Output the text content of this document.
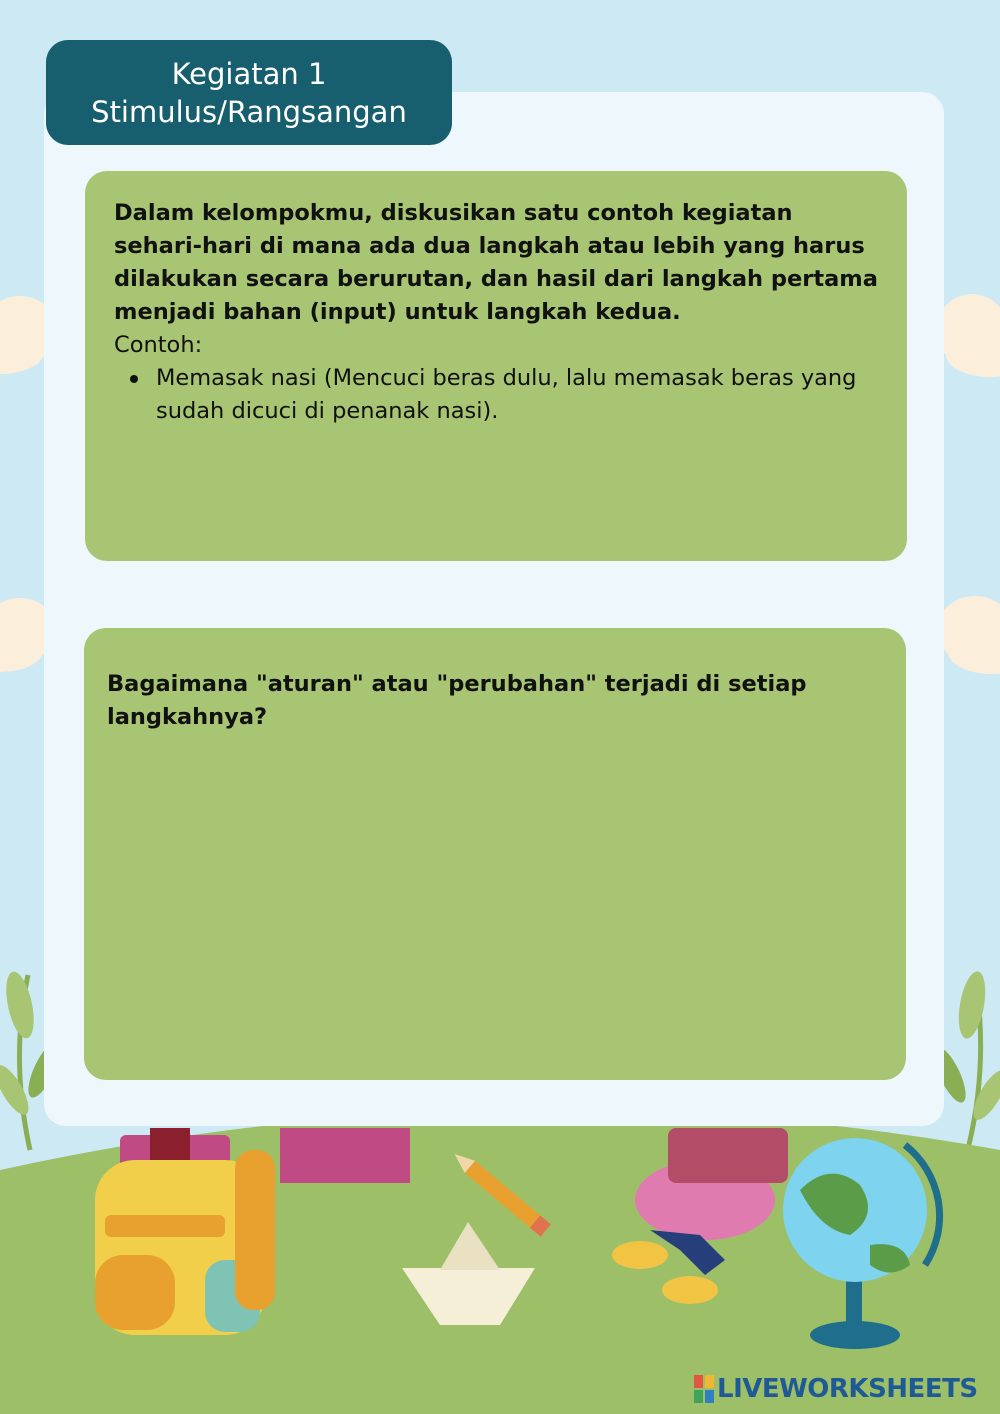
Kegiatan 1
Stimulus/Rangsangan
Dalam kelompokmu, diskusikan satu contoh kegiatan sehari-hari di mana ada dua langkah atau lebih yang harus dilakukan secara berurutan, dan hasil dari langkah pertama menjadi bahan (input) untuk langkah kedua.
Contoh:
Memasak nasi (Mencuci beras dulu, lalu memasak beras yang sudah dicuci di penanak nasi).
Bagaimana "aturan" atau "perubahan" terjadi di setiap langkahnya?
LIVEWORKSHEETS
